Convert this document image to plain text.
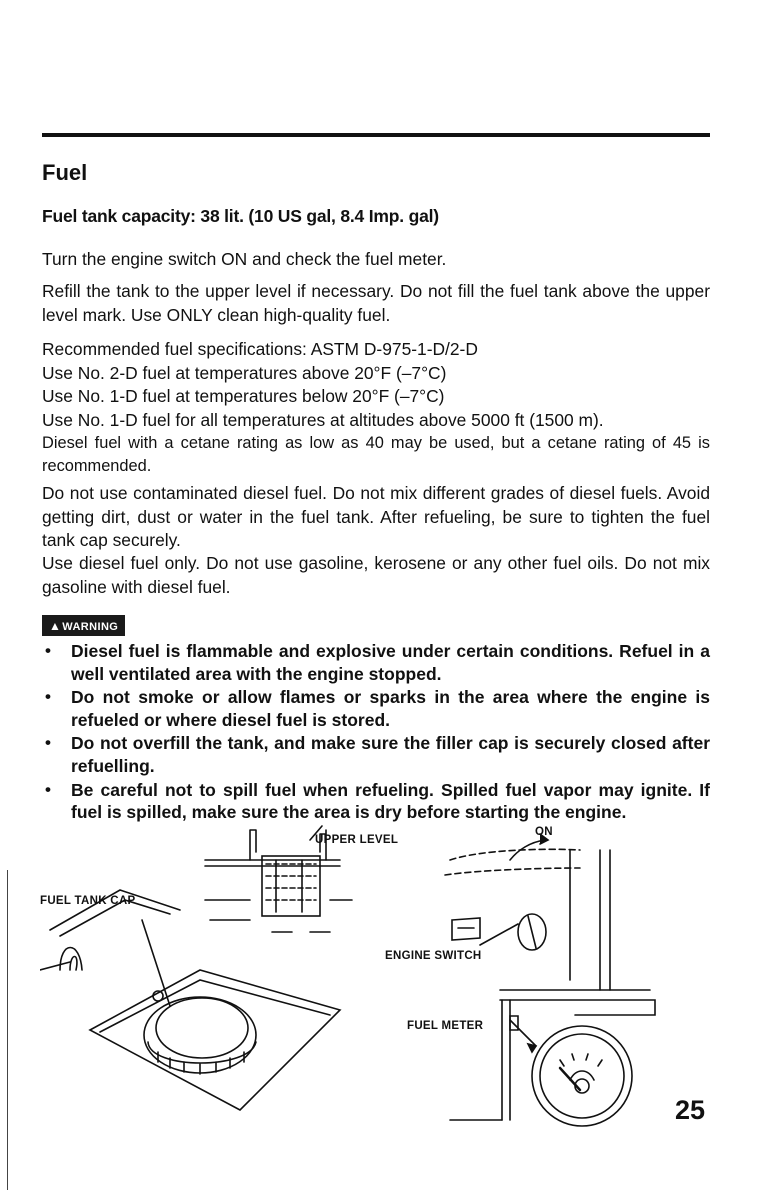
Fuel
Fuel tank capacity: 38 lit. (10 US gal, 8.4 Imp. gal)

Turn the engine switch ON and check the fuel meter.

Refill the tank to the upper level if necessary. Do not fill the fuel tank above the upper level mark. Use ONLY clean high-quality fuel.

Recommended fuel specifications: ASTM D-975-1-D/2-D
Use No. 2-D fuel at temperatures above 20°F (–7°C)
Use No. 1-D fuel at temperatures below 20°F (–7°C)
Use No. 1-D fuel for all temperatures at altitudes above 5000 ft (1500 m).

Diesel fuel with a cetane rating as low as 40 may be used, but a cetane rating of 45 is recommended.

Do not use contaminated diesel fuel. Do not mix different grades of diesel fuels. Avoid getting dirt, dust or water in the fuel tank. After refueling, be sure to tighten the fuel tank cap securely.

Use diesel fuel only. Do not use gasoline, kerosene or any other fuel oils. Do not mix gasoline with diesel fuel.

▲WARNING
• Diesel fuel is flammable and explosive under certain conditions. Refuel in a well ventilated area with the engine stopped.
• Do not smoke or allow flames or sparks in the area where the engine is refueled or where diesel fuel is stored.
• Do not overfill the tank, and make sure the filler cap is securely closed after refuelling.
• Be careful not to spill fuel when refueling. Spilled fuel vapor may ignite. If fuel is spilled, make sure the area is dry before starting the engine.
UPPER LEVEL
ON
FUEL TANK CAP
ENGINE SWITCH
FUEL METER
25
